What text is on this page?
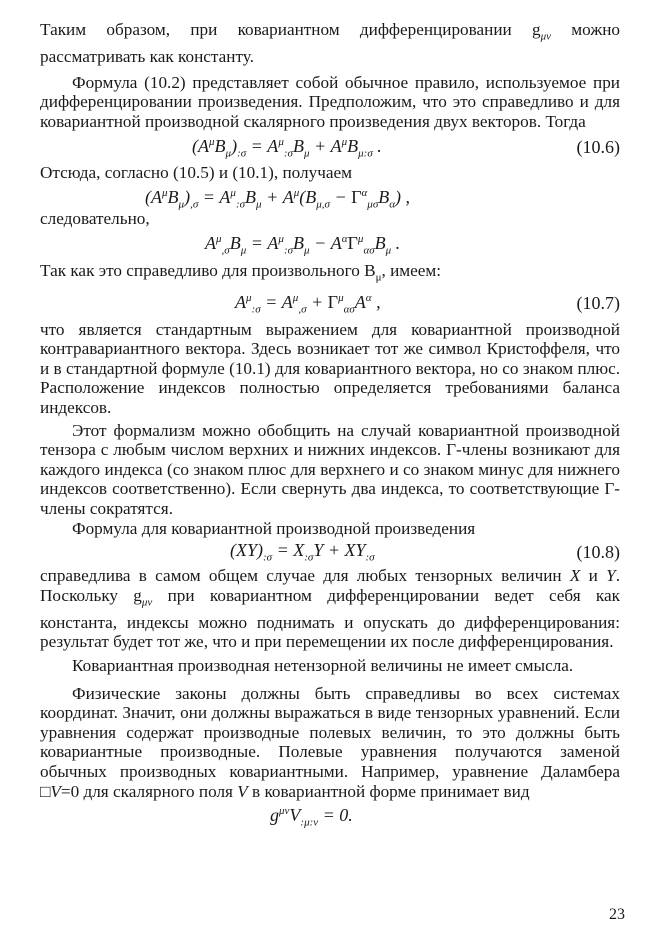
Таким образом, при ковариантном дифференцировании $g_{\mu\nu}$ можно рассматривать как константу.

Формула (10.2) представляет собой обычное правило, используемое при дифференцировании произведения. Предположим, что это справедливо и для ковариантной производной скалярного произведения двух векторов. Тогда

$(A^\mu B_\mu)_{:\sigma} = A^\mu_{:\sigma}B_\mu + A^\mu B_{\mu:\sigma}$ .	(10.6)

Отсюда, согласно (10.5) и (10.1), получаем

$(A^\mu B_\mu)_{,\sigma} = A^\mu_{:\sigma}B_\mu + A^\mu(B_{\mu,\sigma} - \Gamma^\alpha_{\mu\sigma}B_\alpha)$ ,

следовательно,

$A^\mu_{,\sigma}B_\mu = A^\mu_{:\sigma}B_\mu - A^\alpha\Gamma^\mu_{\alpha\sigma}B_\mu$ .

Так как это справедливо для произвольного $B_\mu$, имеем:

$A^\mu_{:\sigma} = A^\mu_{,\sigma} + \Gamma^\mu_{\alpha\sigma}A^\alpha$ ,	(10.7)

что является стандартным выражением для ковариантной производной контравариантного вектора. Здесь возникает тот же символ Кристоффеля, что и в стандартной формуле (10.1) для ковариантного вектора, но со знаком плюс. Расположение индексов полностью определяется требованиями баланса индексов.

Этот формализм можно обобщить на случай ковариантной производной тензора с любым числом верхних и нижних индексов. Г-члены возникают для каждого индекса (со знаком плюс для верхнего и со знаком минус для нижнего индексов соответственно). Если свернуть два индекса, то соответствующие Г-члены сократятся.

Формула для ковариантной производной произведения

$(XY)_{:\sigma} = X_{:\sigma}Y + XY_{:\sigma}$	(10.8)

справедлива в самом общем случае для любых тензорных величин X и Y. Поскольку $g_{\mu\nu}$ при ковариантном дифференцировании ведет себя как константа, индексы можно поднимать и опускать до дифференцирования: результат будет тот же, что и при перемещении их после дифференцирования.

Ковариантная производная нетензорной величины не имеет смысла.

Физические законы должны быть справедливы во всех системах координат. Значит, они должны выражаться в виде тензорных уравнений. Если уравнения содержат производные полевых величин, то это должны быть ковариантные производные. Полевые уравнения получаются заменой обычных производных ковариантными. Например, уравнение Даламбера □V=0 для скалярного поля V в ковариантной форме принимает вид

$g^{\mu\nu}V_{:\mu:\nu} = 0$.
23
